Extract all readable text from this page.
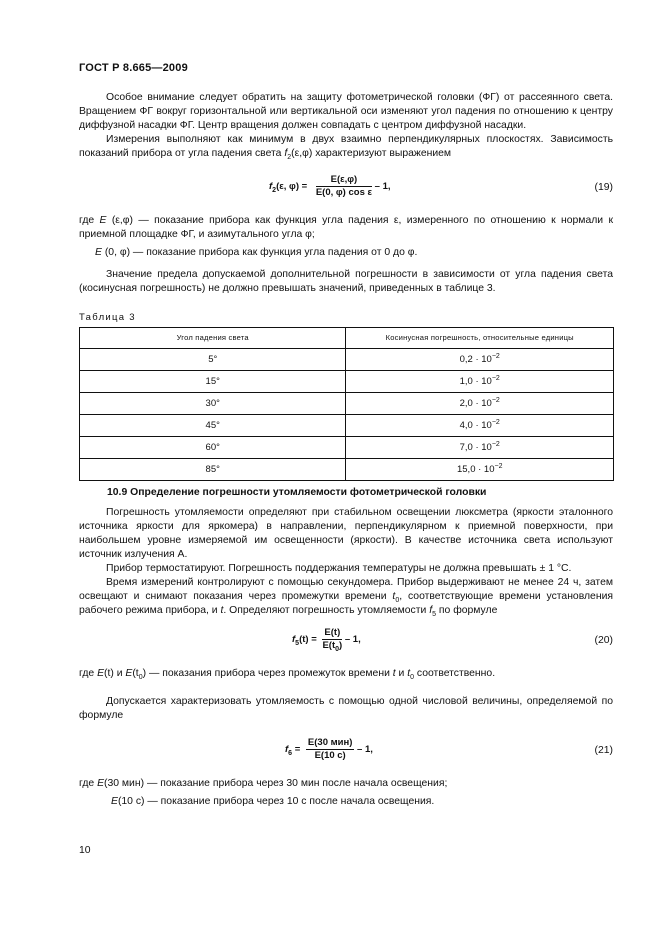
ГОСТ Р 8.665—2009

Особое внимание следует обратить на защиту фотометрической головки (ФГ) от рассеянного света. Вращением ФГ вокруг горизонтальной или вертикальной оси изменяют угол падения по отношению к центру диффузной насадки ФГ. Центр вращения должен совпадать с центром диффузной насадки.

Измерения выполняют как минимум в двух взаимно перпендикулярных плоскостях. Зависимость показаний прибора от угла падения света $f_2(\varepsilon,\varphi)$ характеризуют выражением

$f_2(\varepsilon$, $\varphi) = \frac{E(\varepsilon,\varphi)}{\text{E(0, φ) cos ε}} - 1$,	(19)
где E (ε,φ) — показание прибора как функция угла падения ε, измеренного по отношению к нормали к приемной площадке ФГ, и азимутального угла φ;
E (0, φ) — показание прибора как функция угла падения от 0 до φ.
Значение предела допускаемой дополнительной погрешности в зависимости от угла падения света (косинусная погрешность) не должно превышать значений, приведенных в таблице 3.
Таблица 3
Угол падения света	Косинусная погрешность, относительные единицы
5°	$0,2 \cdot 10^{-2}$
15°	$1,0 \cdot 10^{-2}$
30°	$2,0 \cdot 10^{-2}$
45°	$4,0 \cdot 10^{-2}$
60°	$7,0 \cdot 10^{-2}$
85°	$15,0 \cdot 10^{-2}$
10.9 Определение погрешности утомляемости фотометрической головки

Погрешность утомляемости определяют при стабильном освещении люксметра (яркости эталонного источника яркости для яркомера) в направлении, перпендикулярном к приемной поверхности, при наибольшем уровне измеряемой им освещенности (яркости). В качестве источника света используют источник излучения А.

Прибор термостатируют. Погрешность поддержания температуры не должна превышать ± 1 °С.

Время измерений контролируют с помощью секундомера. Прибор выдерживают не менее 24 ч, затем освещают и снимают показания через промежутки времени $t_0$, соответствующие времени установления рабочего режима прибора, и t. Определяют погрешность утомляемости $f_5$ по формуле

$f_5(t) = \frac{E(t)}{E(t_0)} - 1$,	(20)
где E(t) и $E(t_0)$ — показания прибора через промежуток времени t и $t_0$ соответственно.
Допускается характеризовать утомляемость с помощью одной числовой величины, определяемой по формуле
$f_6 = \frac{\text{E(30 мин)}}{E(10 с)} - 1$,	(21)
где E(30 мин) — показание прибора через 30 мин после начала освещения;
E(10 с) — показание прибора через 10 с после начала освещения.
10
